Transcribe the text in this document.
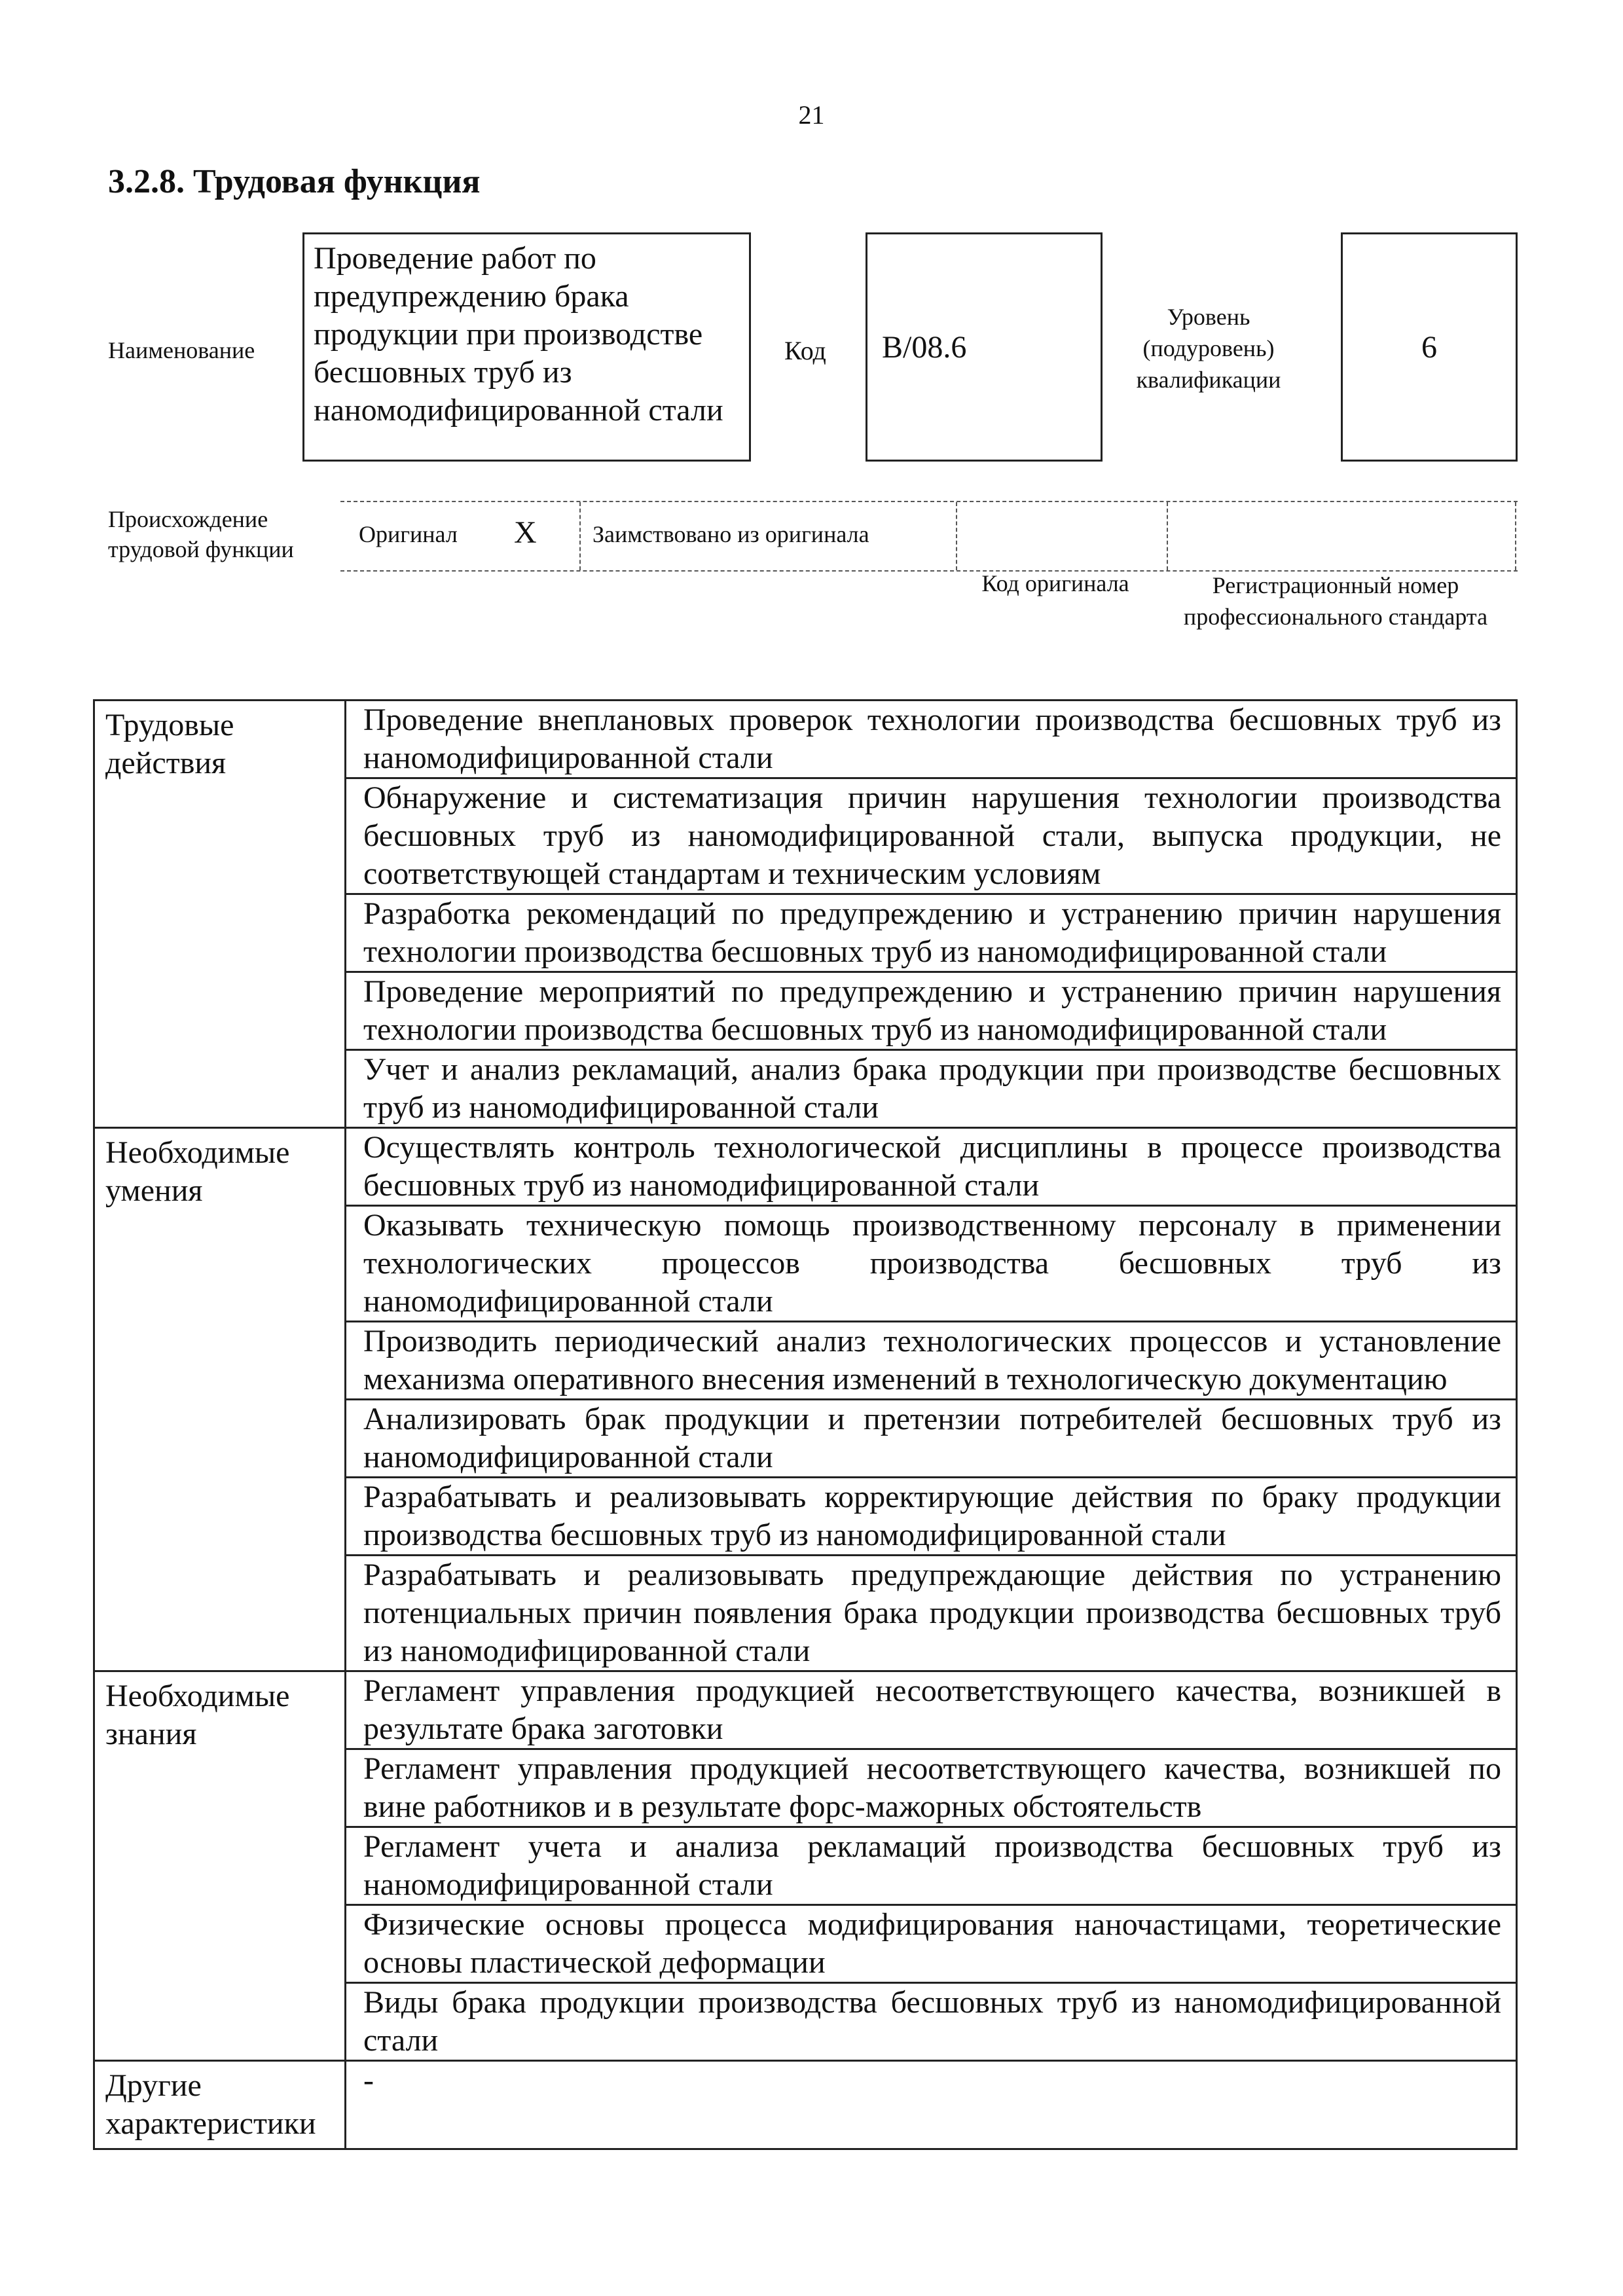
21
3.2.8. Трудовая функция
Наименование
Проведение работ по предупреждению брака продукции при производстве бесшовных труб из наномодифицированной стали
Код	B/08.6
Уровень (подуровень) квалификации
6
Происхождение трудовой функции
Оригинал X Заимствовано из оригинала
Код оригинала	Регистрационный номер профессионального стандарта
Трудовые действия	Проведение внеплановых проверок технологии производства бесшовных труб из наномодифицированной стали
	Обнаружение и систематизация причин нарушения технологии производства бесшовных труб из наномодифицированной стали, выпуска продукции, не соответствующей стандартам и техническим условиям
	Разработка рекомендаций по предупреждению и устранению причин нарушения технологии производства бесшовных труб из наномодифицированной стали
	Проведение мероприятий по предупреждению и устранению причин нарушения технологии производства бесшовных труб из наномодифицированной стали
	Учет и анализ рекламаций, анализ брака продукции при производстве бесшовных труб из наномодифицированной стали
Необходимые умения	Осуществлять контроль технологической дисциплины в процессе производства бесшовных труб из наномодифицированной стали
	Оказывать техническую помощь производственному персоналу в применении технологических процессов производства бесшовных труб из наномодифицированной стали
	Производить периодический анализ технологических процессов и установление механизма оперативного внесения изменений в технологическую документацию
	Анализировать брак продукции и претензии потребителей бесшовных труб из наномодифицированной стали
	Разрабатывать и реализовывать корректирующие действия по браку продукции производства бесшовных труб из наномодифицированной стали
	Разрабатывать и реализовывать предупреждающие действия по устранению потенциальных причин появления брака продукции производства бесшовных труб из наномодифицированной стали
Необходимые знания	Регламент управления продукцией несоответствующего качества, возникшей в результате брака заготовки
	Регламент управления продукцией несоответствующего качества, возникшей по вине работников и в результате форс-мажорных обстоятельств
	Регламент учета и анализа рекламаций производства бесшовных труб из наномодифицированной стали
	Физические основы процесса модифицирования наночастицами, теоретические основы пластической деформации
	Виды брака продукции производства бесшовных труб из наномодифицированной стали
Другие характеристики	-
